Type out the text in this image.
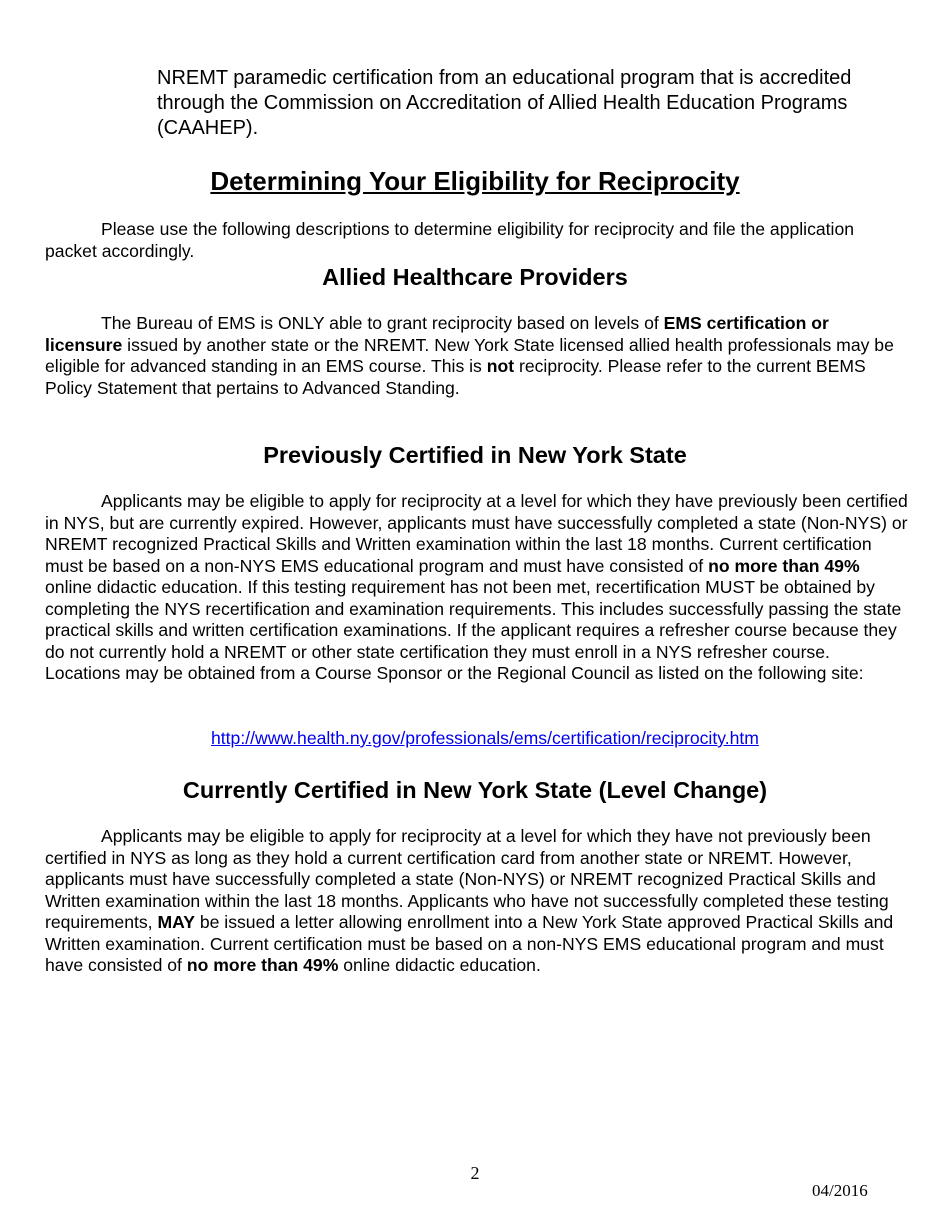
NREMT paramedic certification from an educational program that is accredited through the Commission on Accreditation of Allied Health Education Programs (CAAHEP).

Determining Your Eligibility for Reciprocity

Please use the following descriptions to determine eligibility for reciprocity and file the application packet accordingly.

Allied Healthcare Providers

The Bureau of EMS is ONLY able to grant reciprocity based on levels of EMS certification or licensure issued by another state or the NREMT. New York State licensed allied health professionals may be eligible for advanced standing in an EMS course. This is not reciprocity. Please refer to the current BEMS Policy Statement that pertains to Advanced Standing.

Previously Certified in New York State

Applicants may be eligible to apply for reciprocity at a level for which they have previously been certified in NYS, but are currently expired. However, applicants must have successfully completed a state (Non-NYS) or NREMT recognized Practical Skills and Written examination within the last 18 months. Current certification must be based on a non-NYS EMS educational program and must have consisted of no more than 49% online didactic education. If this testing requirement has not been met, recertification MUST be obtained by completing the NYS recertification and examination requirements. This includes successfully passing the state practical skills and written certification examinations. If the applicant requires a refresher course because they do not currently hold a NREMT or other state certification they must enroll in a NYS refresher course. Locations may be obtained from a Course Sponsor or the Regional Council as listed on the following site:

http://www.health.ny.gov/professionals/ems/certification/reciprocity.htm

Currently Certified in New York State (Level Change)

Applicants may be eligible to apply for reciprocity at a level for which they have not previously been certified in NYS as long as they hold a current certification card from another state or NREMT. However, applicants must have successfully completed a state (Non-NYS) or NREMT recognized Practical Skills and Written examination within the last 18 months. Applicants who have not successfully completed these testing requirements, MAY be issued a letter allowing enrollment into a New York State approved Practical Skills and Written examination. Current certification must be based on a non-NYS EMS educational program and must have consisted of no more than 49% online didactic education.

2

04/2016
